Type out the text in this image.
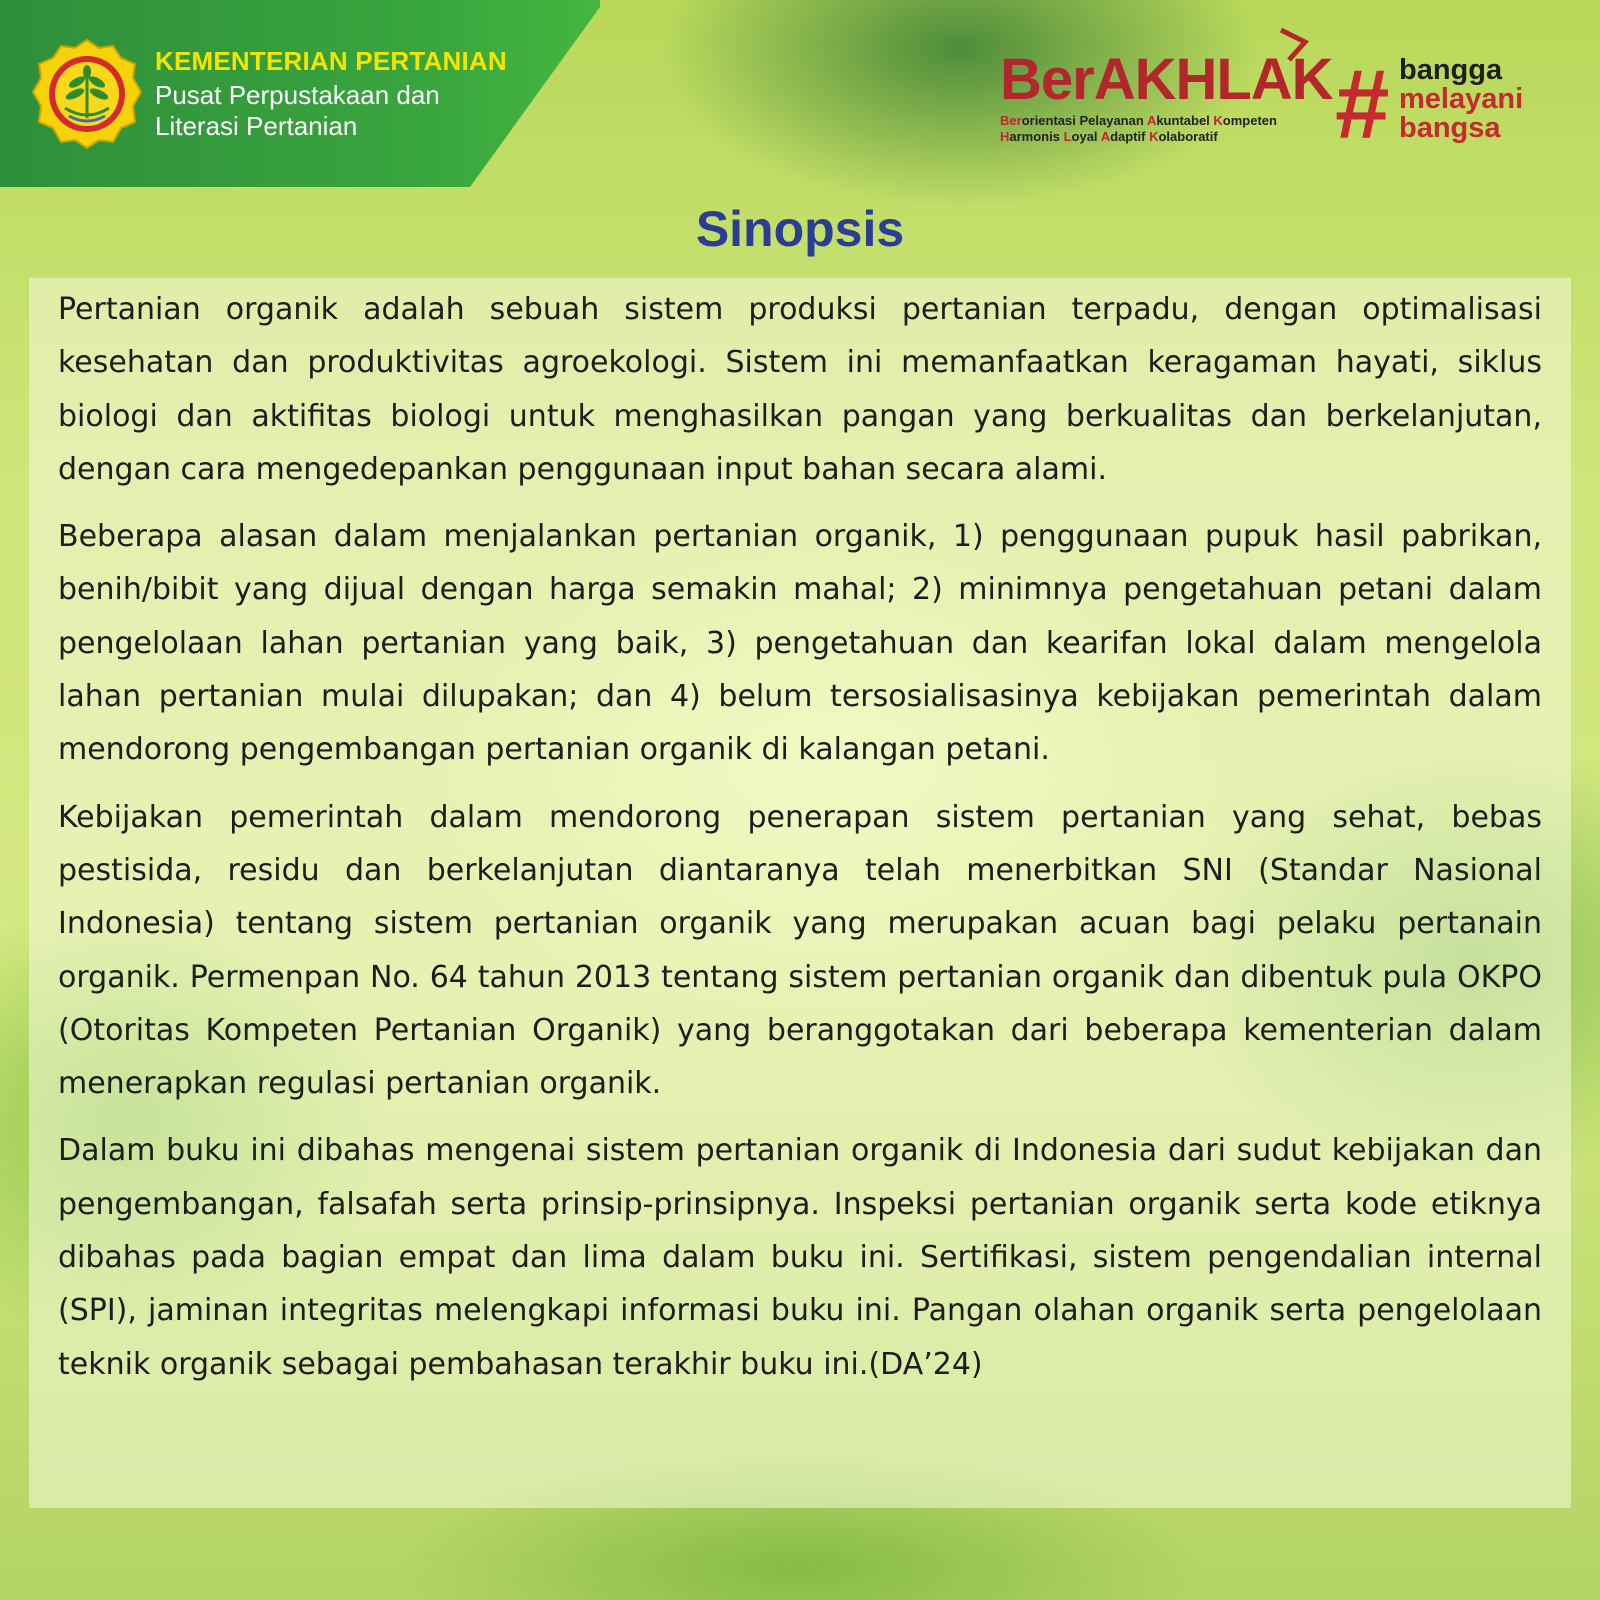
KEMENTERIAN PERTANIAN
Pusat Perpustakaan dan
Literasi Pertanian
BerAKHLAK
Berorientasi Pelayanan Akuntabel Kompeten
Harmonis Loyal Adaptif Kolaboratif	# bangga
melayani
bangsa
Sinopsis

Pertanian organik adalah sebuah sistem produksi pertanian terpadu, dengan optimalisasi kesehatan dan produktivitas agroekologi. Sistem ini memanfaatkan keragaman hayati, siklus biologi dan aktifitas biologi untuk menghasilkan pangan yang berkualitas dan berkelanjutan, dengan cara mengedepankan penggunaan input bahan secara alami.

Beberapa alasan dalam menjalankan pertanian organik, 1) penggunaan pupuk hasil pabrikan, benih/bibit yang dijual dengan harga semakin mahal; 2) minimnya pengetahuan petani dalam pengelolaan lahan pertanian yang baik, 3) pengetahuan dan kearifan lokal dalam mengelola lahan pertanian mulai dilupakan; dan 4) belum tersosialisasinya kebijakan pemerintah dalam mendorong pengembangan pertanian organik di kalangan petani.

Kebijakan pemerintah dalam mendorong penerapan sistem pertanian yang sehat, bebas pestisida, residu dan berkelanjutan diantaranya telah menerbitkan SNI (Standar Nasional Indonesia) tentang sistem pertanian organik yang merupakan acuan bagi pelaku pertanain organik. Permenpan No. 64 tahun 2013 tentang sistem pertanian organik dan dibentuk pula OKPO (Otoritas Kompeten Pertanian Organik) yang beranggotakan dari beberapa kementerian dalam menerapkan regulasi pertanian organik.

Dalam buku ini dibahas mengenai sistem pertanian organik di Indonesia dari sudut kebijakan dan pengembangan, falsafah serta prinsip-prinsipnya. Inspeksi pertanian organik serta kode etiknya dibahas pada bagian empat dan lima dalam buku ini. Sertifikasi, sistem pengendalian internal (SPI), jaminan integritas melengkapi informasi buku ini. Pangan olahan organik serta pengelolaan teknik organik sebagai pembahasan terakhir buku ini.(DA’24)
